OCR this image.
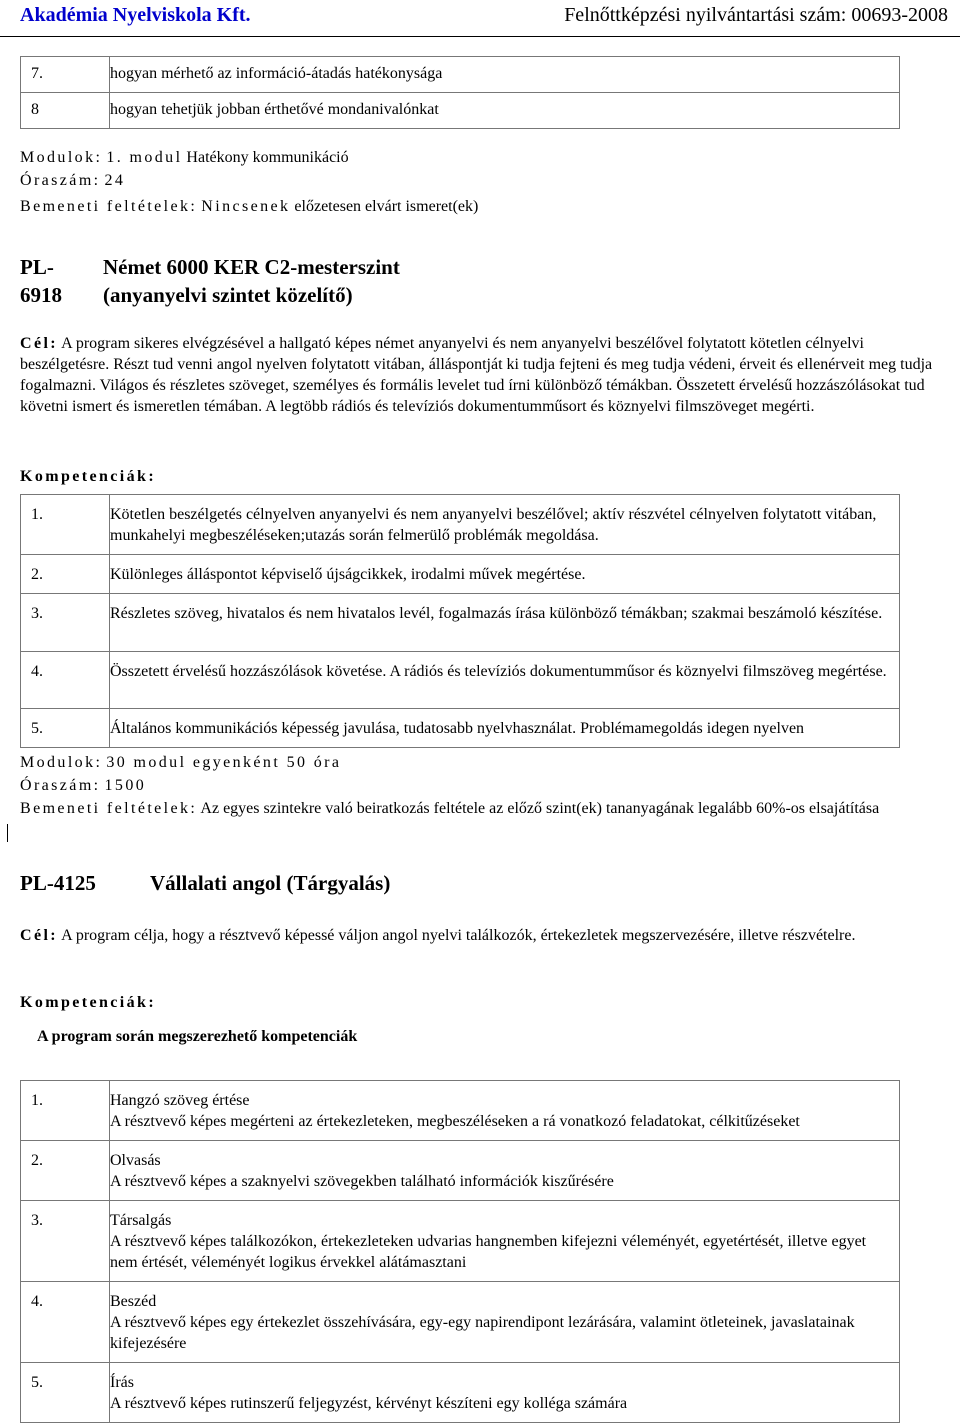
Akadémia Nyelviskola Kft.	Felnőttképzési nyilvántartási szám: 00693-2008
7.	hogyan mérhető az információ-átadás hatékonysága
8	hogyan tehetjük jobban érthetővé mondanivalónkat
Modulok: 1. modul Hatékony kommunikáció
Óraszám: 24
Bemeneti feltételek: Nincsenek előzetesen elvárt ismeret(ek)
PL-
6918
Német 6000 KER C2-mesterszint
(anyanyelvi szintet közelítő)
Cél: A program sikeres elvégzésével a hallgató képes német anyanyelvi és nem anyanyelvi beszélővel folytatott kötetlen célnyelvi beszélgetésre. Részt tud venni angol nyelven folytatott vitában, álláspontját ki tudja fejteni és meg tudja védeni, érveit és ellenérveit meg tudja fogalmazni. Világos és részletes szöveget, személyes és formális levelet tud írni különböző témákban. Összetett érvelésű hozzászólásokat tud követni ismert és ismeretlen témában. A legtöbb rádiós és televíziós dokumentumműsort és köznyelvi filmszöveget megérti.
Kompetenciák:
1.	Kötetlen beszélgetés célnyelven anyanyelvi és nem anyanyelvi beszélővel; aktív részvétel célnyelven folytatott vitában, munkahelyi megbeszéléseken;utazás során felmerülő problémák megoldása.
2.	Különleges álláspontot képviselő újságcikkek, irodalmi művek megértése.
3.	Részletes szöveg, hivatalos és nem hivatalos levél, fogalmazás írása különböző témákban; szakmai beszámoló készítése.
4.	Összetett érvelésű hozzászólások követése. A rádiós és televíziós dokumentumműsor és köznyelvi filmszöveg megértése.
5.	Általános kommunikációs képesség javulása, tudatosabb nyelvhasználat. Problémamegoldás idegen nyelven
Modulok: 30 modul egyenként 50 óra
Óraszám: 1500
Bemeneti feltételek: Az egyes szintekre való beiratkozás feltétele az előző szint(ek) tananyagának legalább 60%-os elsajátítása
PL-4125	Vállalati angol (Tárgyalás)
Cél: A program célja, hogy a résztvevő képessé váljon angol nyelvi találkozók, értekezletek megszervezésére, illetve részvételre.
Kompetenciák:
A program során megszerezhető kompetenciák
1.	Hangzó szöveg értése
A résztvevő képes megérteni az értekezleteken, megbeszéléseken a rá vonatkozó feladatokat, célkitűzéseket

2.	Olvasás
A résztvevő képes a szaknyelvi szövegekben található információk kiszűrésére

3.	Társalgás
A résztvevő képes találkozókon, értekezleteken udvarias hangnemben kifejezni véleményét, egyetértését, illetve egyet nem értését, véleményét logikus érvekkel alátámasztani

4.	Beszéd
A résztvevő képes egy értekezlet összehívására, egy-egy napirendipont lezárására, valamint ötleteinek, javaslatainak kifejezésére

5.	Írás
A résztvevő képes rutinszerű feljegyzést, kérvényt készíteni egy kolléga számára
